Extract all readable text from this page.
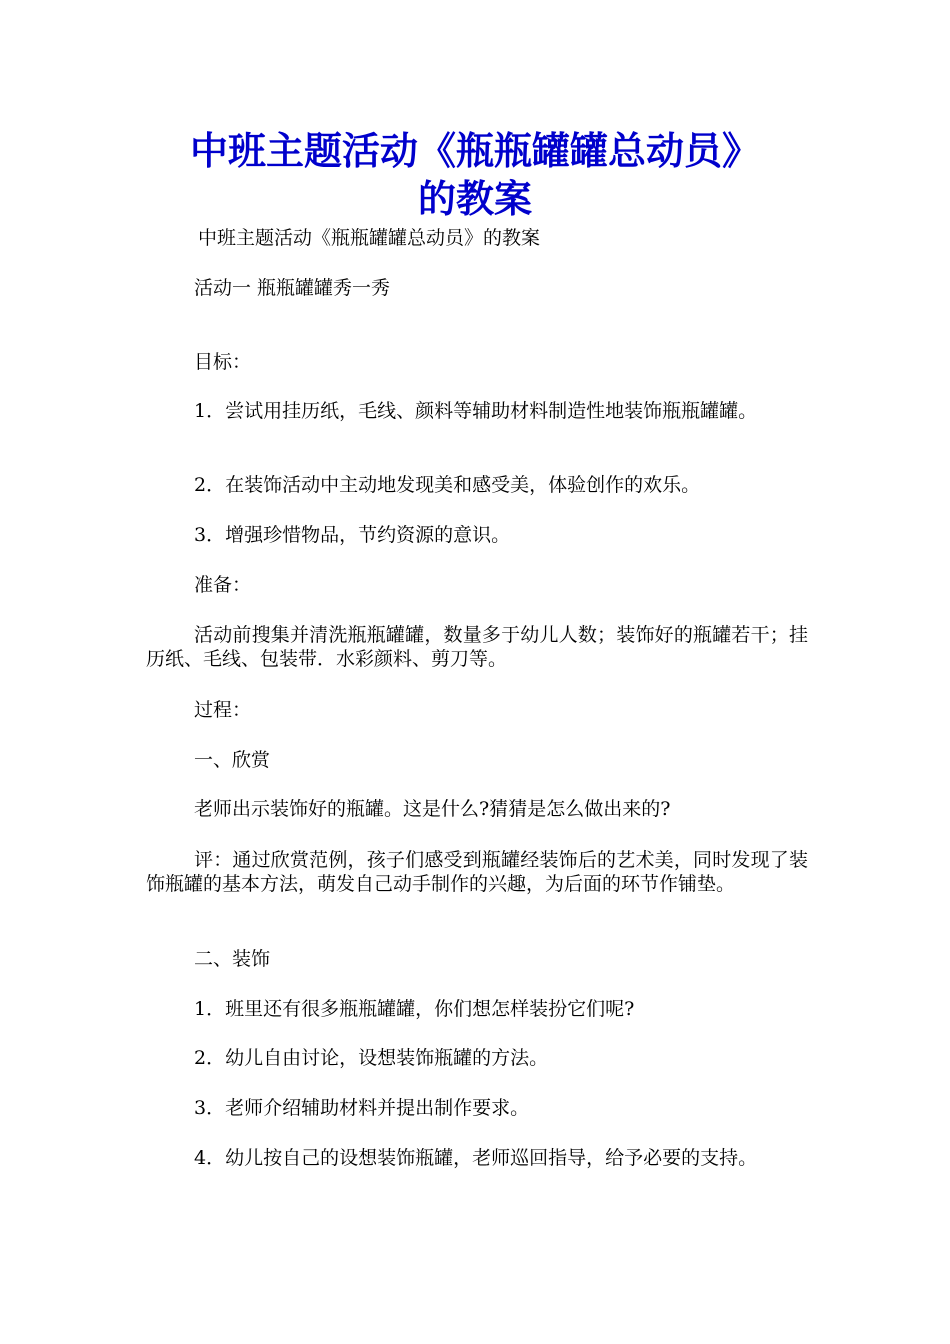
中班主题活动《瓶瓶罐罐总动员》
的教案

中班主题活动《瓶瓶罐罐总动员》的教案

活动一 瓶瓶罐罐秀一秀

目标：

1．尝试用挂历纸，毛线、颜料等辅助材料制造性地装饰瓶瓶罐罐。

2．在装饰活动中主动地发现美和感受美，体验创作的欢乐。

3．增强珍惜物品，节约资源的意识。

准备：

活动前搜集并清洗瓶瓶罐罐，数量多于幼儿人数；装饰好的瓶罐若干；挂历纸、毛线、包装带．水彩颜料、剪刀等。

过程：

一、欣赏

老师出示装饰好的瓶罐。这是什么?猜猜是怎么做出来的?

评：通过欣赏范例，孩子们感受到瓶罐经装饰后的艺术美，同时发现了装饰瓶罐的基本方法，萌发自己动手制作的兴趣，为后面的环节作铺垫。

二、装饰

1．班里还有很多瓶瓶罐罐，你们想怎样装扮它们呢?

2．幼儿自由讨论，设想装饰瓶罐的方法。

3．老师介绍辅助材料并提出制作要求。

4．幼儿按自己的设想装饰瓶罐，老师巡回指导，给予必要的支持。
